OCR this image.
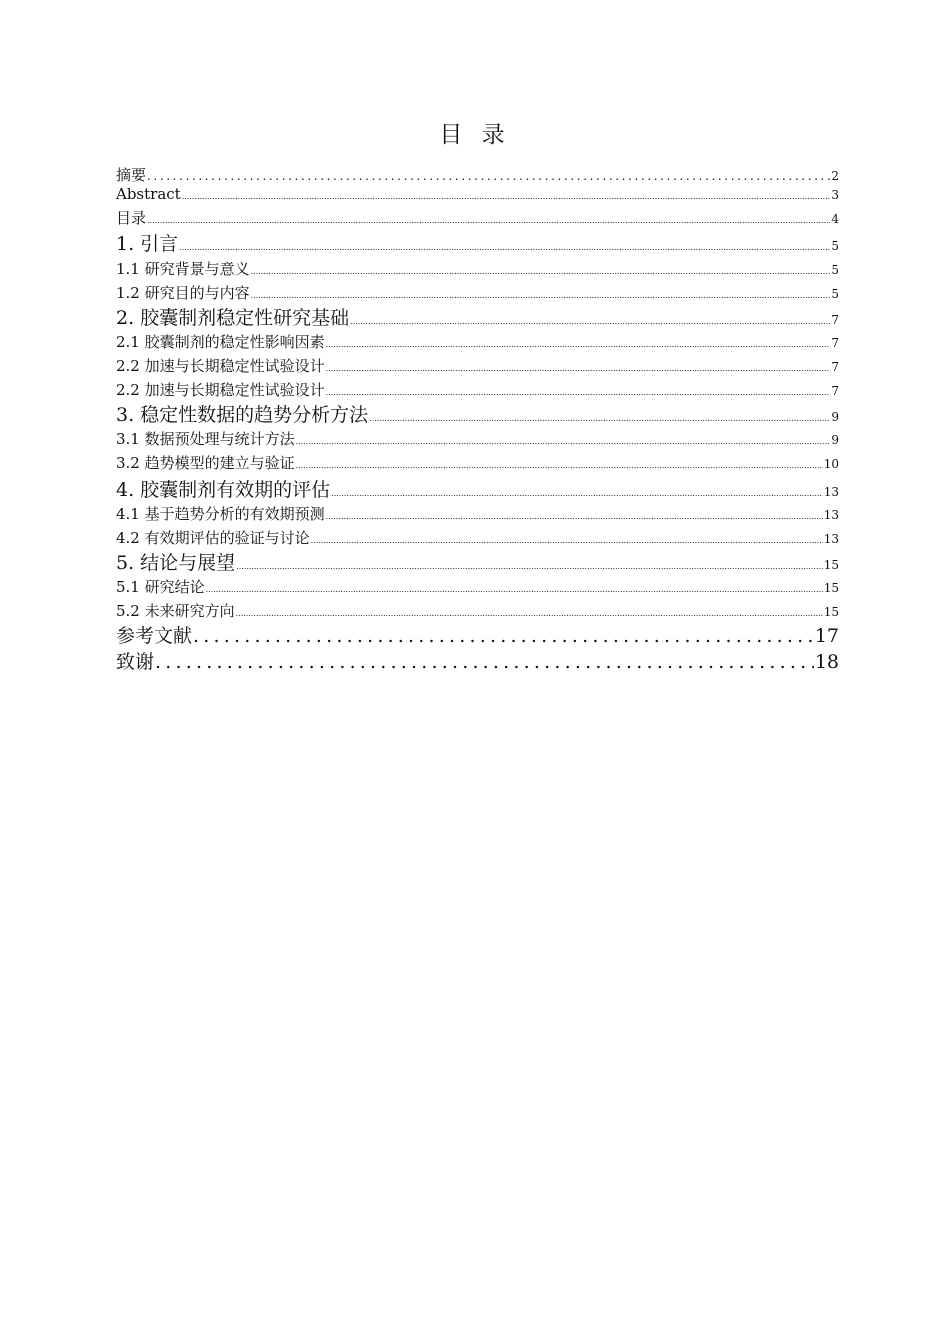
目 录
摘要 .....	2
Abstract .....	3
目录 .....	4
1. 引言 .....	5
1.1 研究背景与意义 .....	5
1.2 研究目的与内容 .....	5
2. 胶囊制剂稳定性研究基础 .....	7
2.1 胶囊制剂的稳定性影响因素 .....	7
2.2 加速与长期稳定性试验设计 .....	7
2.2 加速与长期稳定性试验设计 .....	7
3. 稳定性数据的趋势分析方法 .....	9
3.1 数据预处理与统计方法 .....	9
3.2 趋势模型的建立与验证 .....	10
4. 胶囊制剂有效期的评估 .....	13
4.1 基于趋势分析的有效期预测 .....	13
4.2 有效期评估的验证与讨论 .....	13
5. 结论与展望 .....	15
5.1 研究结论 .....	15
5.2 未来研究方向 .....	15
参考文献 .....	17
致谢 .....	18
